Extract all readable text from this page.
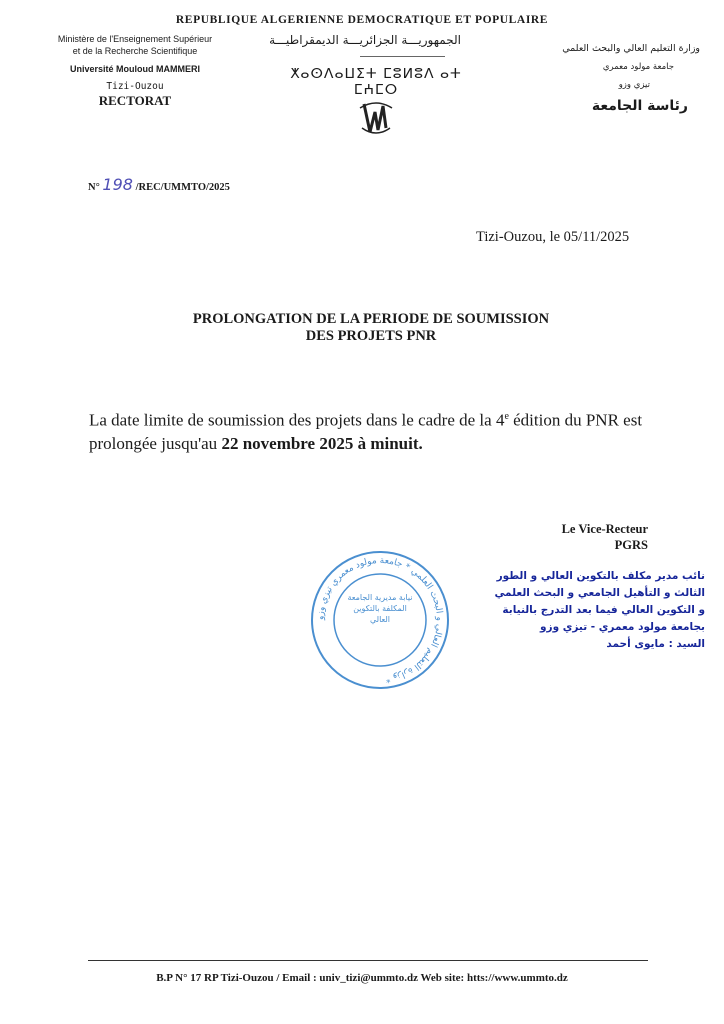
REPUBLIQUE ALGERIENNE DEMOCRATIQUE ET POPULAIRE
Ministère de l'Enseignement Supérieur
et de la Recherche Scientifique
Université Mouloud MAMMERI
Tizi-Ouzou
RECTORAT
الجمهوريـــة الجزائريـــة الديمقراطيـــة
ⵅⴰⵙⴷⴰⵡⵉⵜ ⵎⵓⵍⵓⴷ ⴰⵜ ⵎⵄⵎⵔ
وزارة التعليم العالي والبحث العلمي
جامعة مولود معمري
تيزي وزو
رئاسة الجامعة
N° 198 /REC/UMMTO/2025
Tizi-Ouzou, le 05/11/2025
PROLONGATION DE LA PERIODE DE SOUMISSION
DES PROJETS PNR
La date limite de soumission des projets dans le cadre de la 4e édition du PNR est prolongée jusqu'au 22 novembre 2025 à minuit.
Le Vice-Recteur
PGRS
وزارة التعليم العالي و البحث العلمي * جامعة مولود معمري تيزي وزو *
نيابة مديرية الجامعة المكلفة بالتكوين العالي
نائب مدير مكلف بالتكوين العالي و الطور
الثالث و التأهيل الجامعي و البحث العلمي
و التكوين العالي فيما بعد التدرج بالنيابة
بجامعة مولود معمري - تيزي وزو
السيد : مايوى أحمد
B.P N° 17 RP Tizi-Ouzou / Email : univ_tizi@ummto.dz Web site: htts://www.ummto.dz
